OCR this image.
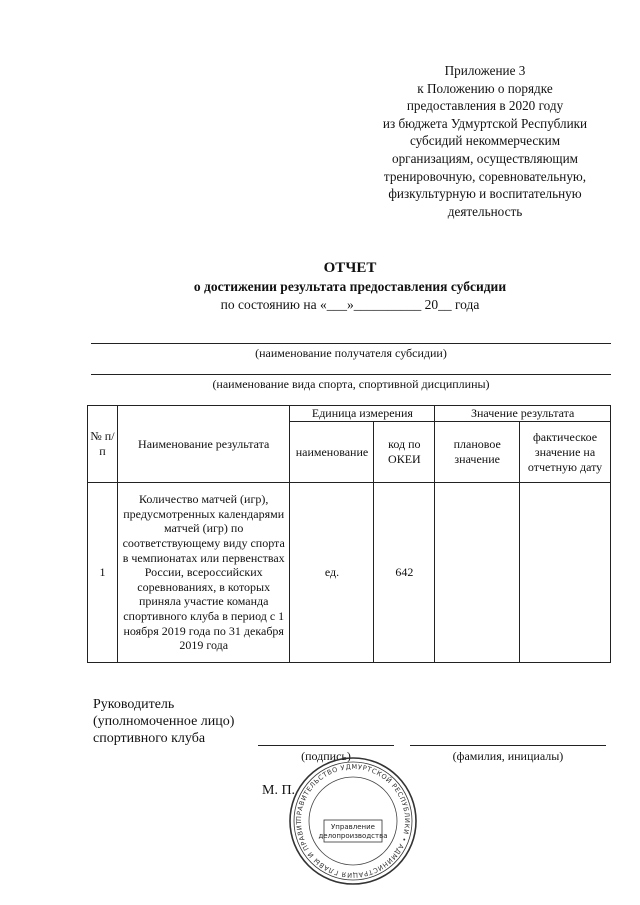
Приложение 3
к Положению о порядке
предоставления в 2020 году
из бюджета Удмуртской Республики
субсидий некоммерческим
организациям, осуществляющим
тренировочную, соревновательную,
физкультурную и воспитательную
деятельность
ОТЧЕТ
о достижении результата предоставления субсидии
по состоянию на «___»__________ 20__ года
(наименование получателя субсидии)
(наименование вида спорта, спортивной дисциплины)
№ п/п	Наименование результата	Единица измерения		Значение результата	
		наименование	код по ОКЕИ	плановое значение	фактическое значение на отчетную дату
1	Количество матчей (игр), предусмотренных календарями матчей (игр) по соответствующему виду спорта в чемпионатах или первенствах России, всероссийских соревнованиях, в которых приняла участие команда спортивного клуба в период с 1 ноября 2019 года по 31 декабря 2019 года	ед.	642		
Руководитель
(уполномоченное лицо)
спортивного клуба
(подпись)	(фамилия, инициалы)
М. П.
ПРАВИТЕЛЬСТВО УДМУРТСКОЙ РЕСПУБЛИКИ • АДМИНИСТРАЦИЯ ГЛАВЫ И ПРАВИТ
Управление
делопроизводства
